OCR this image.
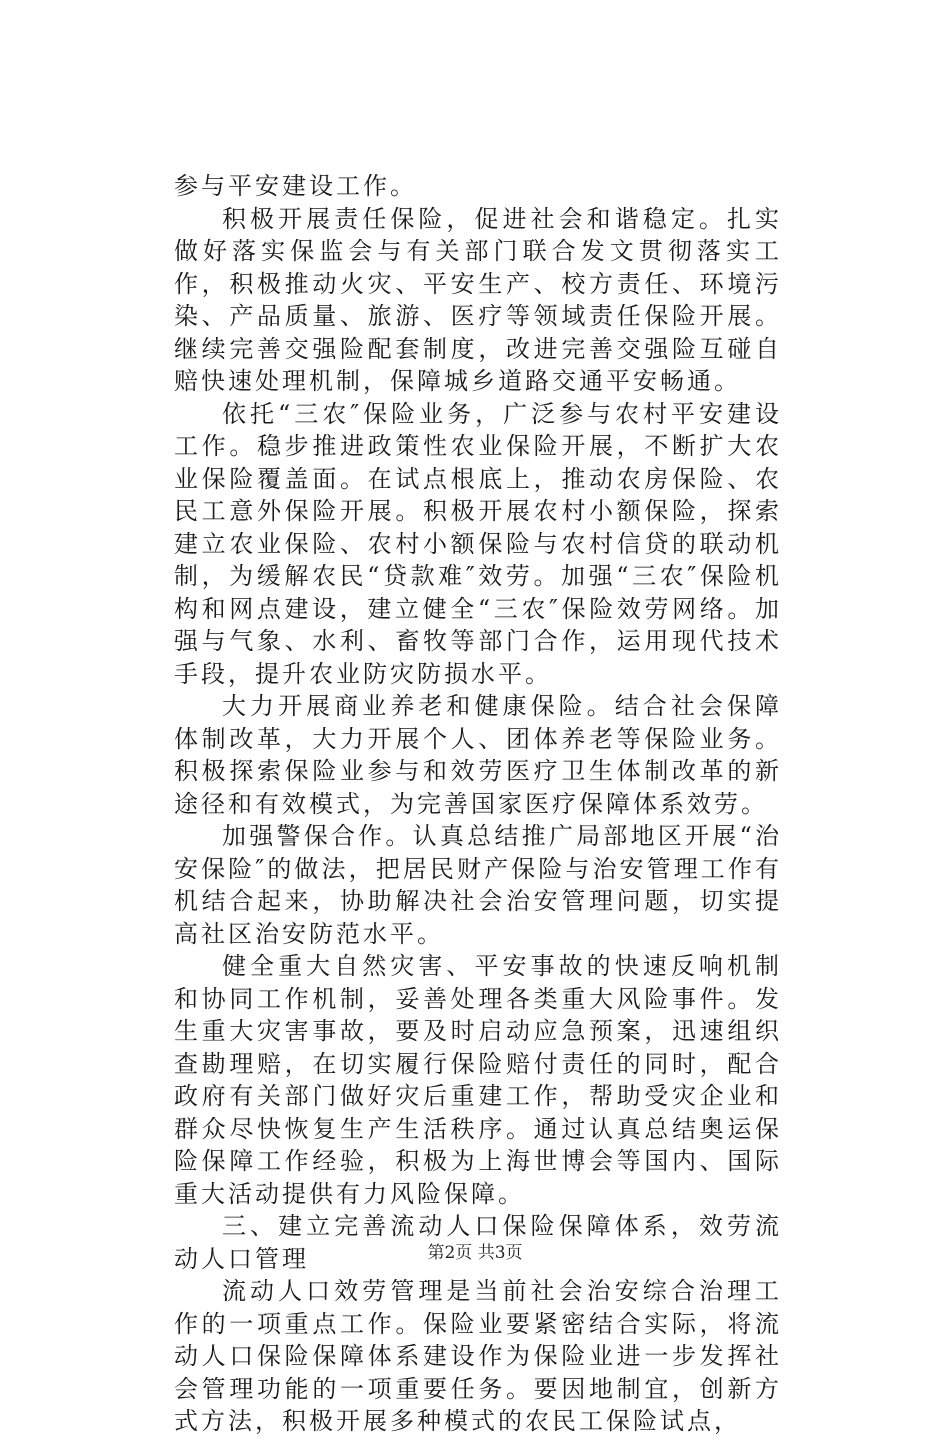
参与平安建设工作。

积极开展责任保险，促进社会和谐稳定。扎实做好落实保监会与有关部门联合发文贯彻落实工作，积极推动火灾、平安生产、校方责任、环境污染、产品质量、旅游、医疗等领域责任保险开展。继续完善交强险配套制度，改进完善交强险互碰自赔快速处理机制，保障城乡道路交通平安畅通。

依托“三农″保险业务，广泛参与农村平安建设工作。稳步推进政策性农业保险开展，不断扩大农业保险覆盖面。在试点根底上，推动农房保险、农民工意外保险开展。积极开展农村小额保险，探索建立农业保险、农村小额保险与农村信贷的联动机制，为缓解农民“贷款难″效劳。加强“三农″保险机构和网点建设，建立健全“三农″保险效劳网络。加强与气象、水利、畜牧等部门合作，运用现代技术手段，提升农业防灾防损水平。

大力开展商业养老和健康保险。结合社会保障体制改革，大力开展个人、团体养老等保险业务。积极探索保险业参与和效劳医疗卫生体制改革的新途径和有效模式，为完善国家医疗保障体系效劳。

加强警保合作。认真总结推广局部地区开展“治安保险″的做法，把居民财产保险与治安管理工作有机结合起来，协助解决社会治安管理问题，切实提高社区治安防范水平。

健全重大自然灾害、平安事故的快速反响机制和协同工作机制，妥善处理各类重大风险事件。发生重大灾害事故，要及时启动应急预案，迅速组织查勘理赔，在切实履行保险赔付责任的同时，配合政府有关部门做好灾后重建工作，帮助受灾企业和群众尽快恢复生产生活秩序。通过认真总结奥运保险保障工作经验，积极为上海世博会等国内、国际重大活动提供有力风险保障。

三、建立完善流动人口保险保障体系，效劳流动人口管理

流动人口效劳管理是当前社会治安综合治理工作的一项重点工作。保险业要紧密结合实际，将流动人口保险保障体系建设作为保险业进一步发挥社会管理功能的一项重要任务。要因地制宜，创新方式方法，积极开展多种模式的农民工保险试点，

第2页 共3页
